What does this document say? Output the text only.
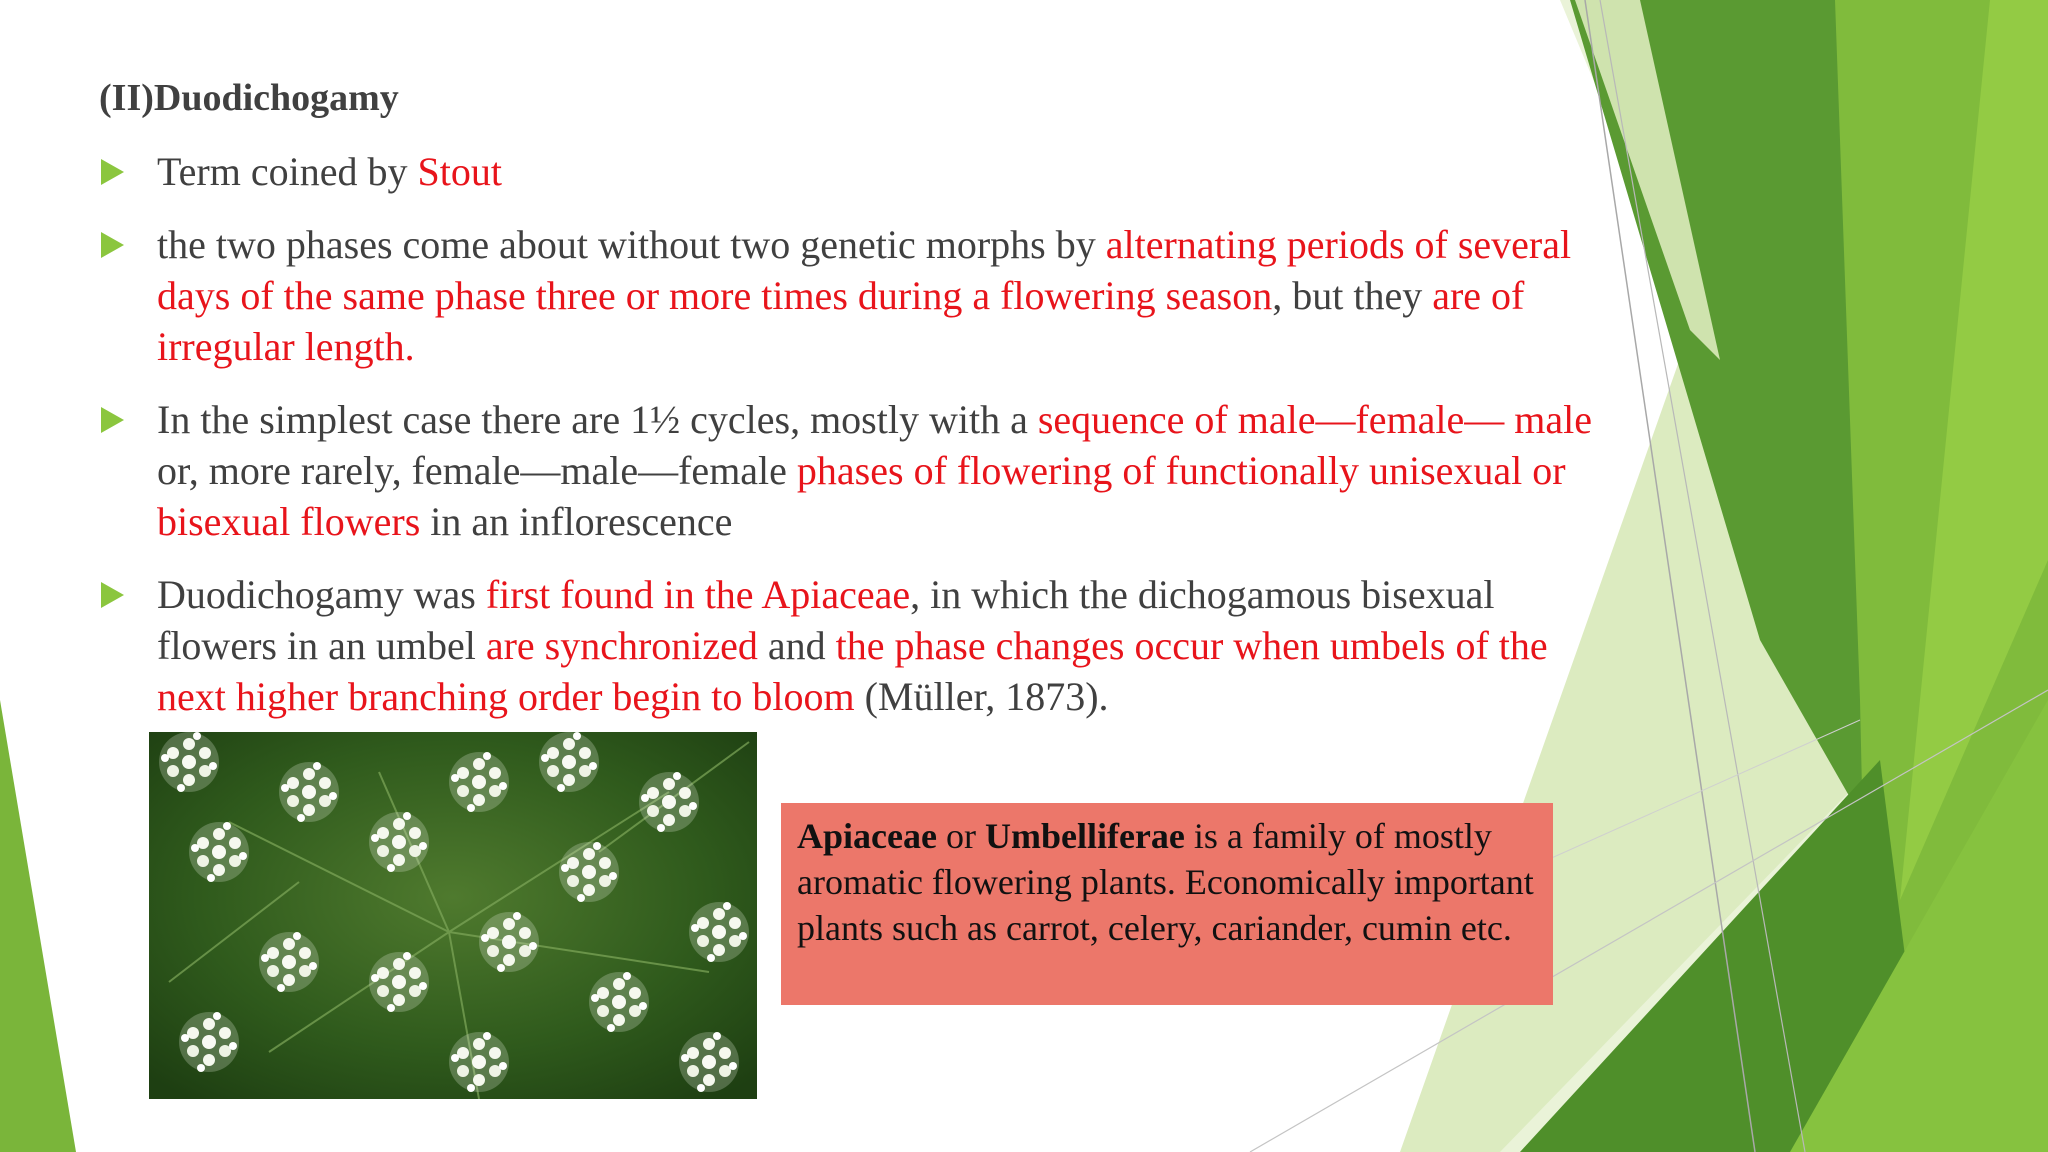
(II)Duodichogamy
Term coined by Stout
the two phases come about without two genetic morphs by alternating periods of several days of the same phase three or more times during a flowering season, but they are of irregular length.
In the simplest case there are 1½ cycles, mostly with a sequence of male—female— male or, more rarely, female—male—female phases of flowering of functionally unisexual or bisexual flowers in an inflorescence
Duodichogamy was first found in the Apiaceae, in which the dichogamous bisexual flowers in an umbel are synchronized and the phase changes occur when umbels of the next higher branching order begin to bloom (Müller, 1873).
Apiaceae or Umbelliferae is a family of mostly aromatic flowering plants. Economically important plants such as carrot, celery, cariander, cumin etc.
